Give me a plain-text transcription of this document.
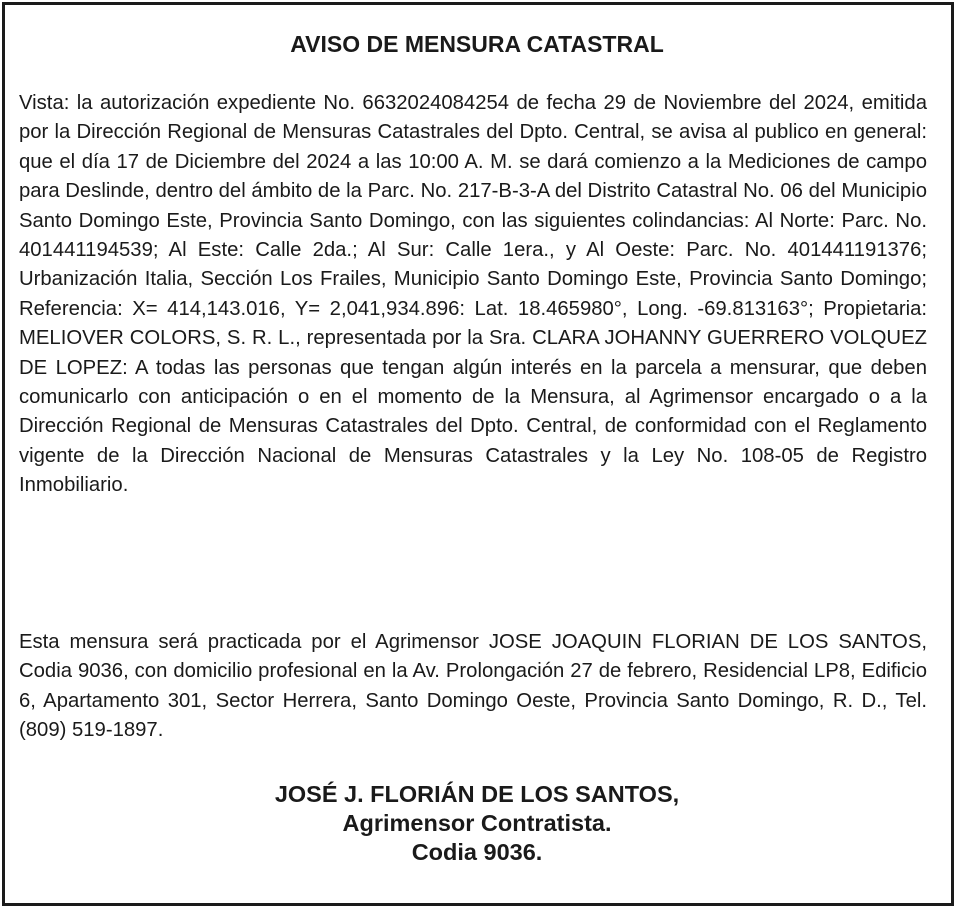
AVISO DE MENSURA CATASTRAL

Vista: la autorización expediente No. 6632024084254 de fecha 29 de Noviembre del 2024, emitida por la Dirección Regional de Mensuras Catastrales del Dpto. Central, se avisa al publico en general: que el día 17 de Diciembre del 2024 a las 10:00 A. M. se dará comienzo a la Mediciones de campo para Deslinde, dentro del ámbito de la Parc. No. 217-B-3-A del Distrito Catastral No. 06 del Municipio Santo Domingo Este, Provincia Santo Domingo, con las siguientes colindancias: Al Norte: Parc. No. 401441194539; Al Este: Calle 2da.; Al Sur: Calle 1era., y Al Oeste: Parc. No. 401441191376; Urbanización Italia, Sección Los Frailes, Municipio Santo Domingo Este, Provincia Santo Domingo; Referencia: X= 414,143.016, Y= 2,041,934.896: Lat. 18.465980°, Long. -69.813163°; Propietaria: MELIOVER COLORS, S. R. L., representada por la Sra. CLARA JOHANNY GUERRERO VOLQUEZ DE LOPEZ: A todas las personas que tengan algún interés en la parcela a mensurar, que deben comunicarlo con anticipación o en el momento de la Mensura, al Agrimensor encargado o a la Dirección Regional de Mensuras Catastrales del Dpto. Central, de conformidad con el Reglamento vigente de la Dirección Nacional de Mensuras Catastrales y la Ley No. 108-05 de Registro Inmobiliario.

Esta mensura será practicada por el Agrimensor JOSE JOAQUIN FLORIAN DE LOS SANTOS, Codia 9036, con domicilio profesional en la Av. Prolongación 27 de febrero, Residencial LP8, Edificio 6, Apartamento 301, Sector Herrera, Santo Domingo Oeste, Provincia Santo Domingo, R. D., Tel. (809) 519-1897.

JOSÉ J. FLORIÁN DE LOS SANTOS,
Agrimensor Contratista.
Codia 9036.
